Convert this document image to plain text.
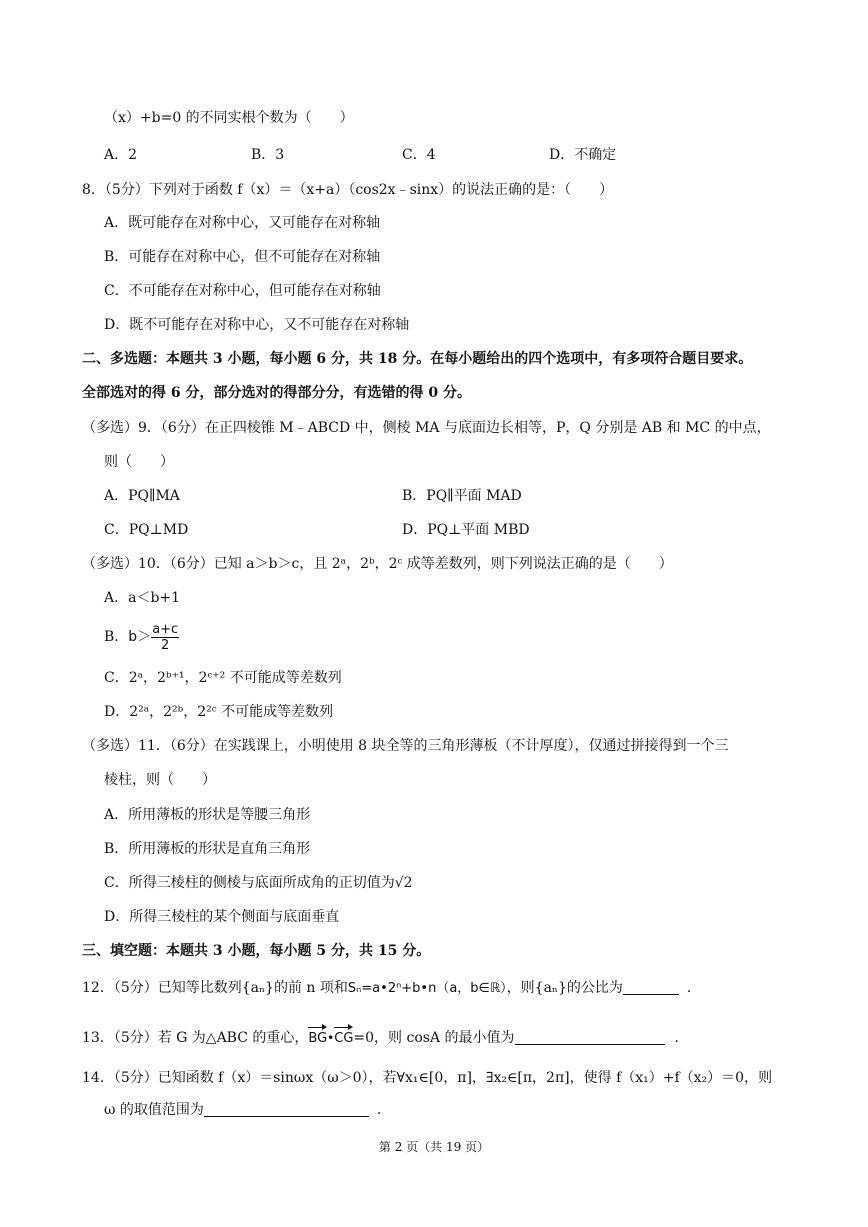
（x）+b=0 的不同实根个数为（　　）
A．2	B．3	C．4	D．不确定
8．（5分）下列对于函数 f（x）＝（x+a）（cos2x﹣sinx）的说法正确的是：（　　）
A．既可能存在对称中心，又可能存在对称轴
B．可能存在对称中心，但不可能存在对称轴
C．不可能存在对称中心，但可能存在对称轴
D．既不可能存在对称中心，又不可能存在对称轴
二、多选题：本题共 3 小题，每小题 6 分，共 18 分。在每小题给出的四个选项中，有多项符合题目要求。
全部选对的得 6 分，部分选对的得部分分，有选错的得 0 分。
（多选）9．（6分）在正四棱锥 M﹣ABCD 中，侧棱 MA 与底面边长相等，P，Q 分别是 AB 和 MC 的中点，
则（　　）
A．PQ∥MA	B．PQ∥平面 MAD
C．PQ⊥MD	D．PQ⊥平面 MBD
（多选）10．（6分）已知 a＞b＞c，且 2ᵃ，2ᵇ，2ᶜ 成等差数列，则下列说法正确的是（　　）
A．a＜b+1
B．$b> \frac{a+c}{2}$
C．2ᵃ，2ᵇ⁺¹，2ᶜ⁺² 不可能成等差数列
D．2²ᵃ，2²ᵇ，2²ᶜ 不可能成等差数列
（多选）11．（6分）在实践课上，小明使用 8 块全等的三角形薄板（不计厚度），仅通过拼接得到一个三
棱柱，则（　　）
A．所用薄板的形状是等腰三角形
B．所用薄板的形状是直角三角形
C．所得三棱柱的侧棱与底面所成角的正切值为√2
D．所得三棱柱的某个侧面与底面垂直
三、填空题：本题共 3 小题，每小题 5 分，共 15 分。
12．（5分）已知等比数列{aₙ}的前 n 项和Sₙ=a•2ⁿ+b•n（a，b∈ℝ），则{aₙ}的公比为	．
13．（5分）若 G 为△ABC 的重心，BG•CG=0，则 cosA 的最小值为	．
14．（5分）已知函数 f（x）＝sinωx（ω＞0），若∀x₁∈[0，π]，∃x₂∈[π，2π]，使得 f（x₁）+f（x₂）＝0，则
ω 的取值范围为	．
第 2 页（共 19 页）
